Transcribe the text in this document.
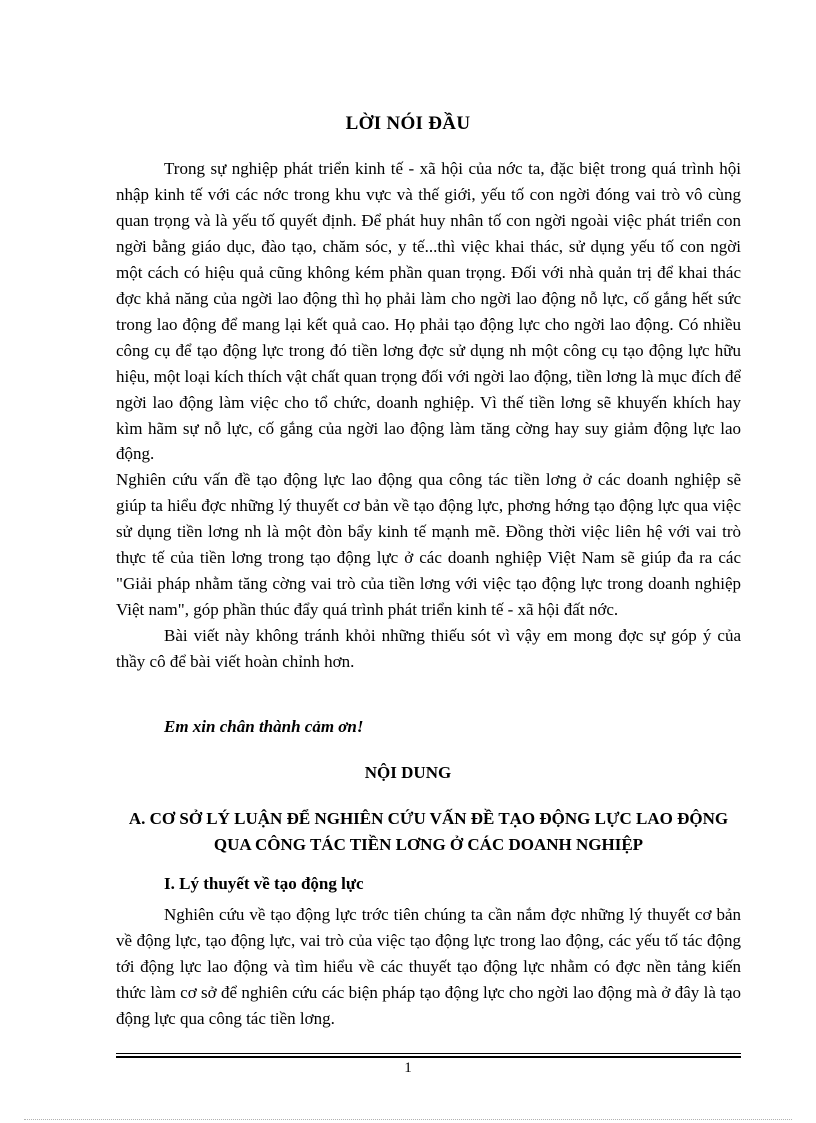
LỜI NÓI ĐẦU

Trong sự nghiệp phát triển kinh tế - xã hội của nớc ta, đặc biệt trong quá trình hội nhập kinh tế với các nớc trong khu vực và thế giới, yếu tố con ngời đóng vai trò vô cùng quan trọng và là yếu tố quyết định. Để phát huy nhân tố con ngời ngoài việc phát triển con ngời bằng giáo dục, đào tạo, chăm sóc, y tế...thì việc khai thác, sử dụng yếu tố con ngời một cách có hiệu quả cũng không kém phần quan trọng. Đối với nhà quản trị để khai thác đợc khả năng của ngời lao động thì họ phải làm cho ngời lao động nỗ lực, cố gắng hết sức trong lao động để mang lại kết quả cao. Họ phải tạo động lực cho ngời lao động. Có nhiều công cụ để tạo động lực trong đó tiền lơng đợc sử dụng nh một công cụ tạo động lực hữu hiệu, một loại kích thích vật chất quan trọng đối với ngời lao động, tiền lơng là mục đích để ngời lao động làm việc cho tổ chức, doanh nghiệp. Vì thế tiền lơng sẽ khuyến khích hay kìm hãm sự nỗ lực, cố gắng của ngời lao động làm tăng cờng hay suy giảm động lực lao động.

Nghiên cứu vấn đề tạo động lực lao động qua công tác tiền lơng ở các doanh nghiệp sẽ giúp ta hiểu đợc những lý thuyết cơ bản về tạo động lực, phơng hớng tạo động lực qua việc sử dụng tiền lơng nh là một đòn bẩy kinh tế mạnh mẽ. Đồng thời việc liên hệ với vai trò thực tế của tiền lơng trong tạo động lực ở các doanh nghiệp Việt Nam sẽ giúp đa ra các "Giải pháp nhằm tăng cờng vai trò của tiền lơng với việc tạo động lực trong doanh nghiệp Việt nam", góp phần thúc đẩy quá trình phát triển kinh tế - xã hội đất nớc.

Bài viết này không tránh khỏi những thiếu sót vì vậy em mong đợc sự góp ý của thầy cô để bài viết hoàn chỉnh hơn.

Em xin chân thành cảm ơn!
NỘI DUNG
A. CƠ SỞ LÝ LUẬN ĐỂ NGHIÊN CỨU VẤN ĐỀ TẠO ĐỘNG LỰC LAO ĐỘNG QUA CÔNG TÁC TIỀN LƠNG Ở CÁC DOANH NGHIỆP
I. Lý thuyết về tạo động lực

Nghiên cứu về tạo động lực trớc tiên chúng ta cần nắm đợc những lý thuyết cơ bản về động lực, tạo động lực, vai trò của việc tạo động lực trong lao động, các yếu tố tác động tới động lực lao động và tìm hiểu về các thuyết tạo động lực nhằm có đợc nền tảng kiến thức làm cơ sở để nghiên cứu các biện pháp tạo động lực cho ngời lao động mà ở đây là tạo động lực qua công tác tiền lơng.

1
